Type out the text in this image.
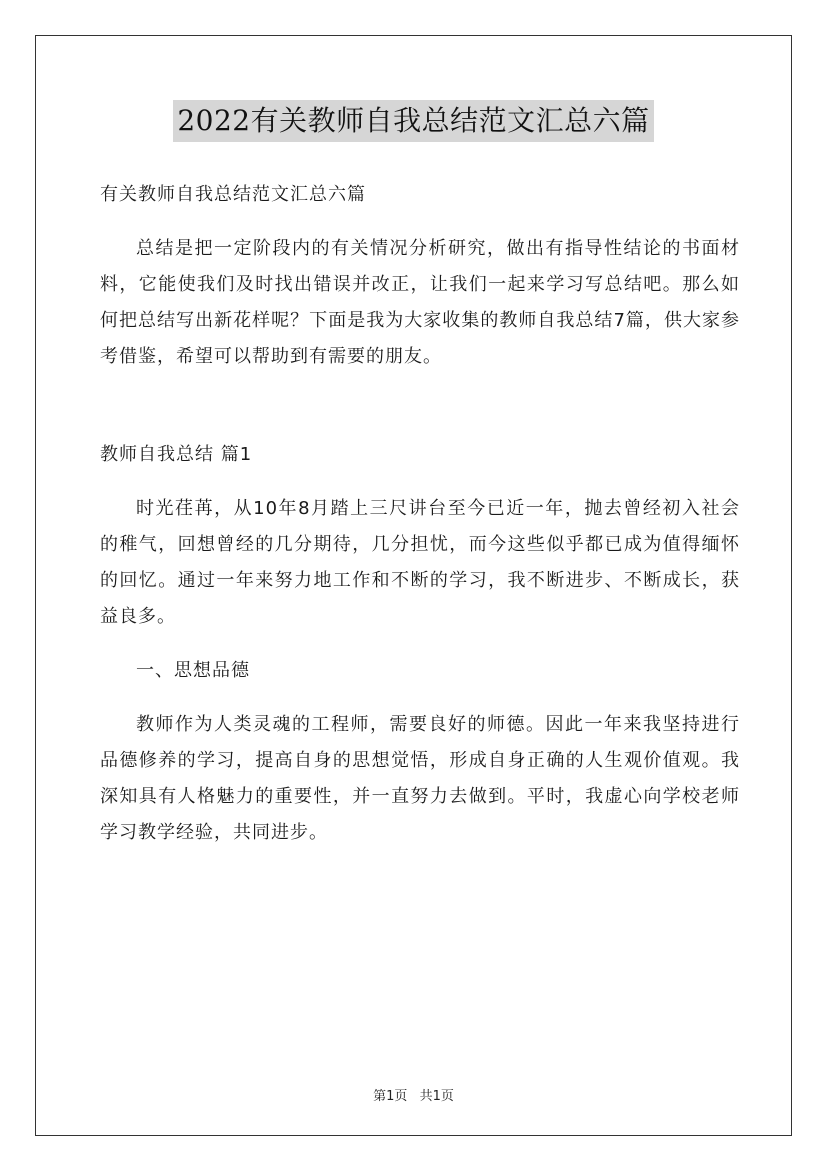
2022有关教师自我总结范文汇总六篇

有关教师自我总结范文汇总六篇

总结是把一定阶段内的有关情况分析研究，做出有指导性结论的书面材料，它能使我们及时找出错误并改正，让我们一起来学习写总结吧。那么如何把总结写出新花样呢？下面是我为大家收集的教师自我总结7篇，供大家参考借鉴，希望可以帮助到有需要的朋友。

教师自我总结 篇1

时光荏苒，从10年8月踏上三尺讲台至今已近一年，抛去曾经初入社会的稚气，回想曾经的几分期待，几分担忧，而今这些似乎都已成为值得缅怀的回忆。通过一年来努力地工作和不断的学习，我不断进步、不断成长，获益良多。

一、思想品德

教师作为人类灵魂的工程师，需要良好的师德。因此一年来我坚持进行品德修养的学习，提高自身的思想觉悟，形成自身正确的人生观价值观。我深知具有人格魅力的重要性，并一直努力去做到。平时，我虚心向学校老师学习教学经验，共同进步。

第1页 共1页
